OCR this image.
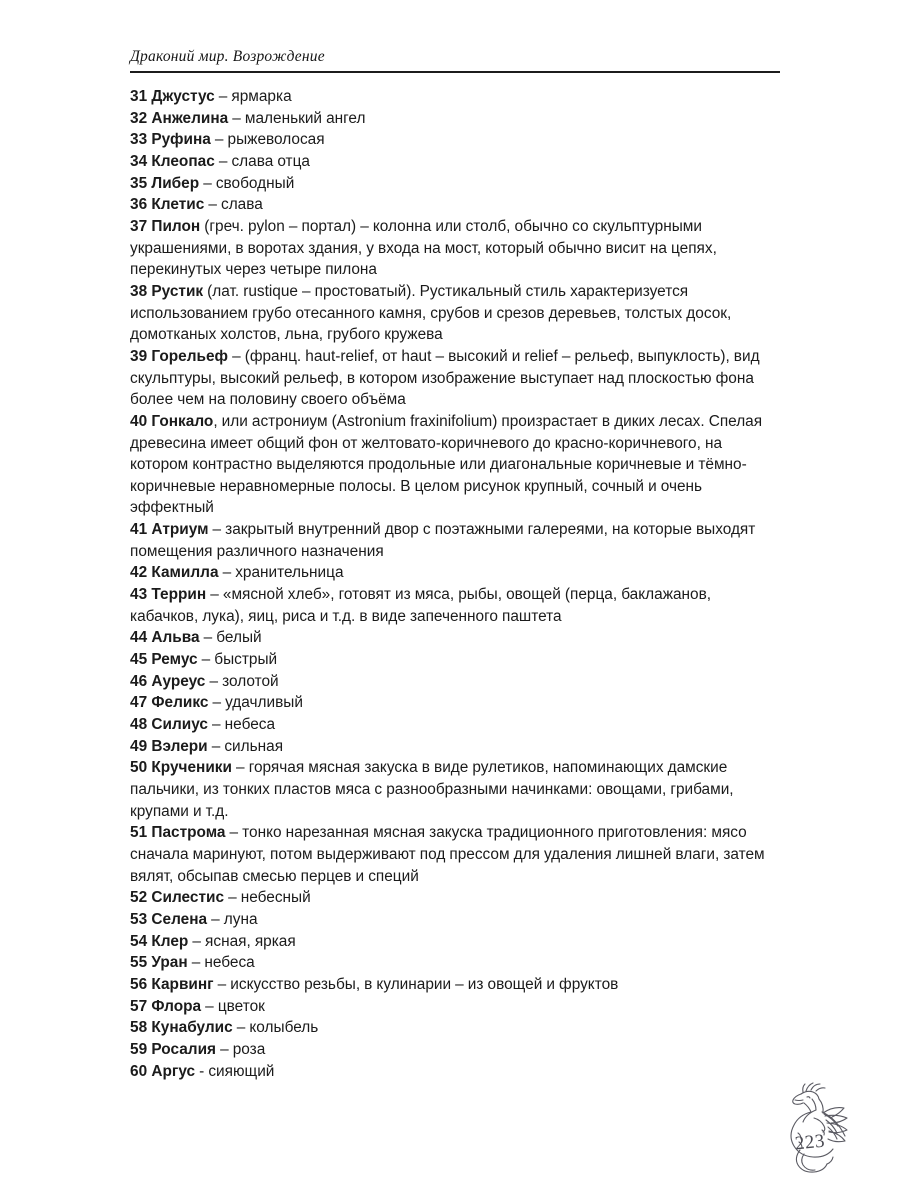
Драконий мир. Возрождение

31 Джустус – ярмарка

32 Анжелина – маленький ангел

33 Руфина – рыжеволосая

34 Клеопас – слава отца

35 Либер – свободный

36 Клетис – слава

37 Пилон (греч. pylon – портал) – колонна или столб, обычно со скульптурными украшениями, в воротах здания, у входа на мост, который обычно висит на цепях, перекинутых через четыре пилона

38 Рустик (лат. rustique – простоватый). Рустикальный стиль характеризуется использованием грубо отесанного камня, срубов и срезов деревьев, толстых досок, домотканых холстов, льна, грубого кружева

39 Горельеф – (франц. haut-relief, от haut – высокий и relief – рельеф, выпуклость), вид скульптуры, высокий рельеф, в котором изображение выступает над плоскостью фона более чем на половину своего объёма

40 Гонкало, или астрониум (Astronium fraxinifolium) произрастает в диких лесах. Спелая древесина имеет общий фон от желтовато-коричневого до красно-коричневого, на котором контрастно выделяются продольные или диагональные коричневые и тёмно-коричневые неравномерные полосы. В целом рисунок крупный, сочный и очень эффектный

41 Атриум – закрытый внутренний двор с поэтажными галереями, на которые выходят помещения различного назначения

42 Камилла – хранительница

43 Террин – «мясной хлеб», готовят из мяса, рыбы, овощей (перца, баклажанов, кабачков, лука), яиц, риса и т.д. в виде запеченного паштета

44 Альва – белый

45 Ремус – быстрый

46 Ауреус – золотой

47 Феликс – удачливый

48 Силиус – небеса

49 Вэлери – сильная

50 Крученики – горячая мясная закуска в виде рулетиков, напоминающих дамские пальчики, из тонких пластов мяса с разнообразными начинками: овощами, грибами, крупами и т.д.

51 Пастрома – тонко нарезанная мясная закуска традиционного приготовления: мясо сначала маринуют, потом выдерживают под прессом для удаления лишней влаги, затем вялят, обсыпав смесью перцев и специй

52 Силестис – небесный

53 Селена – луна

54 Клер – ясная, яркая

55 Уран – небеса

56 Карвинг – искусство резьбы, в кулинарии – из овощей и фруктов

57 Флора – цветок

58 Кунабулис – колыбель

59 Росалия – роза

60 Аргус - сияющий

223
